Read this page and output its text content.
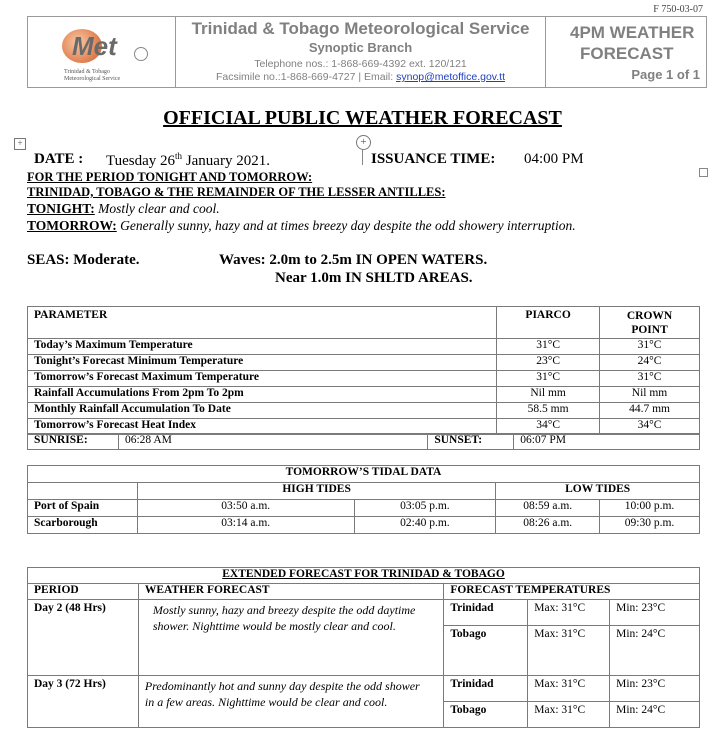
F 750-03-07
Met
Trinidad & Tobago
Meteorological Service
Trinidad & Tobago Meteorological Service
Synoptic Branch
Telephone nos.: 1-868-669-4392 ext. 120/121
Facsimile no.:1-868-669-4727 | Email: synop@metoffice.gov.tt
4PM WEATHER
FORECAST
Page 1 of 1
OFFICIAL PUBLIC WEATHER FORECAST
+	+
DATE : Tuesday 26th January 2021.	ISSUANCE TIME: 04:00 PM
FOR THE PERIOD TONIGHT AND TOMORROW:
TRINIDAD, TOBAGO & THE REMAINDER OF THE LESSER ANTILLES:
TONIGHT: Mostly clear and cool.
TOMORROW: Generally sunny, hazy and at times breezy day despite the odd showery interruption.
SEAS: Moderate.	Waves: 2.0m to 2.5m IN OPEN WATERS.
Near 1.0m IN SHLTD AREAS.
PARAMETER	PIARCO	CROWN
POINT

Today’s Maximum Temperature	31°C	31°C
Tonight’s Forecast Minimum Temperature	23°C	24°C
Tomorrow’s Forecast Maximum Temperature	31°C	31°C
Rainfall Accumulations From 2pm To 2pm	Nil mm	Nil mm
Monthly Rainfall Accumulation To Date	58.5 mm	44.7 mm
Tomorrow’s Forecast Heat Index	34°C	34°C
SUNRISE:	06:28 AM	SUNSET:	06:07 PM
TOMORROW’S TIDAL DATA				
	HIGH TIDES		LOW TIDES	
Port of Spain	03:50 a.m.	03:05 p.m.	08:59 a.m.	10:00 p.m.
Scarborough	03:14 a.m.	02:40 p.m.	08:26 a.m.	09:30 p.m.
EXTENDED FORECAST FOR TRINIDAD & TOBAGO				
PERIOD	WEATHER FORECAST	FORECAST TEMPERATURES		
Day 2 (48 Hrs)	Mostly sunny, hazy and breezy despite the odd daytime shower. Nighttime would be mostly clear and cool.	Trinidad	Max: 31°C	Min: 23°C
		Tobago	Max: 31°C	Min: 24°C
Day 3 (72 Hrs)	Predominantly hot and sunny day despite the odd shower in a few areas. Nighttime would be clear and cool.	Trinidad	Max: 31°C	Min: 23°C
		Tobago	Max: 31°C	Min: 24°C
